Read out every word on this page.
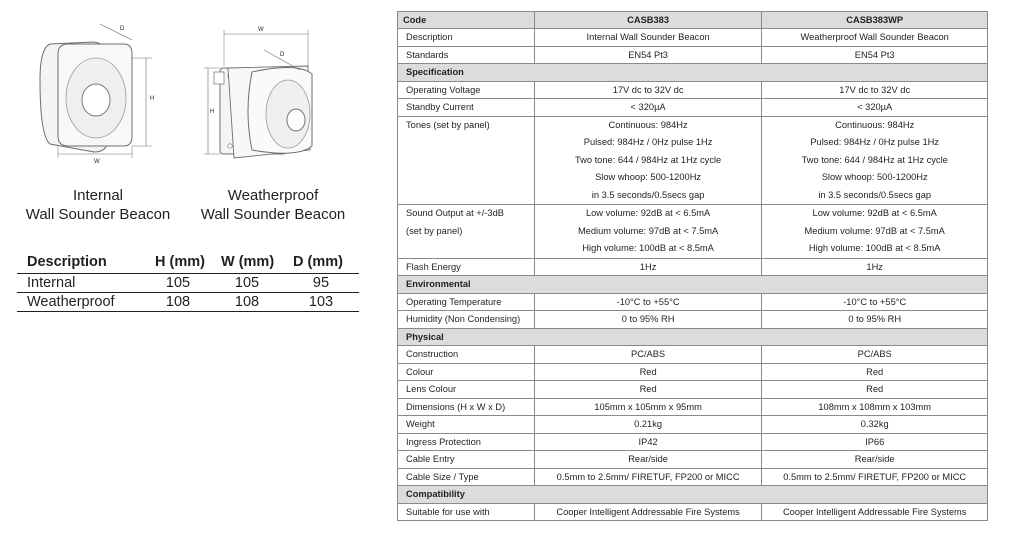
D
H
W
W
D
H
Internal
Wall Sounder Beacon
Weatherproof
Wall Sounder Beacon
Description	H (mm)	W (mm)	D (mm)
Internal	105	105	95
Weatherproof	108	108	103
Code	CASB383	CASB383WP
Description	Internal Wall Sounder Beacon	Weatherproof Wall Sounder Beacon
Standards	EN54 Pt3	EN54 Pt3
Specification		
Operating Voltage	17V dc to 32V dc	17V dc to 32V dc
Standby Current	< 320µA	< 320µA
Tones (set by panel)	Continuous: 984Hz
Pulsed: 984Hz / 0Hz pulse 1Hz
Two tone: 644 / 984Hz at 1Hz cycle
Slow whoop: 500-1200Hz
in 3.5 seconds/0.5secs gap	Continuous: 984Hz
Pulsed: 984Hz / 0Hz pulse 1Hz
Two tone: 644 / 984Hz at 1Hz cycle
Slow whoop: 500-1200Hz
in 3.5 seconds/0.5secs gap

Sound Output at +/-3dB
(set by panel)	Low volume: 92dB at < 6.5mA
Medium volume: 97dB at < 7.5mA
High volume: 100dB at < 8.5mA	Low volume: 92dB at < 6.5mA
Medium volume: 97dB at < 7.5mA
High volume: 100dB at < 8.5mA

Flash Energy	1Hz	1Hz
Environmental		
Operating Temperature	-10°C to +55°C	-10°C to +55°C
Humidity (Non Condensing)	0 to 95% RH	0 to 95% RH
Physical		
Construction	PC/ABS	PC/ABS
Colour	Red	Red
Lens Colour	Red	Red
Dimensions (H x W x D)	105mm x 105mm x 95mm	108mm x 108mm x 103mm
Weight	0.21kg	0.32kg
Ingress Protection	IP42	IP66
Cable Entry	Rear/side	Rear/side
Cable Size / Type	0.5mm to 2.5mm/ FIRETUF, FP200 or MICC	0.5mm to 2.5mm/ FIRETUF, FP200 or MICC
Compatibility		
Suitable for use with	Cooper Intelligent Addressable Fire Systems	Cooper Intelligent Addressable Fire Systems
